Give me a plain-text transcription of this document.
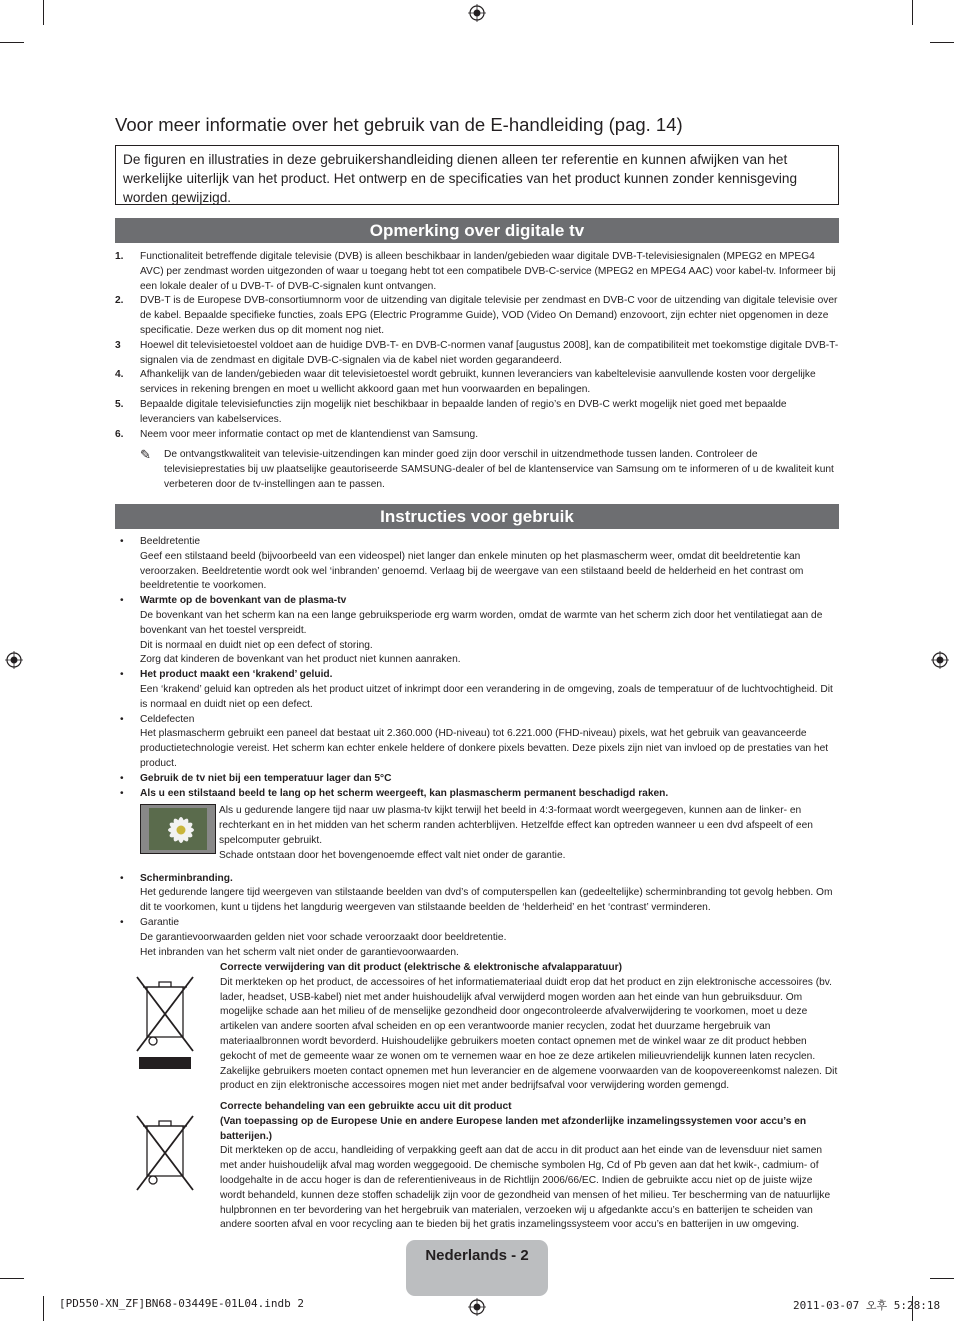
Voor meer informatie over het gebruik van de E-handleiding (pag. 14)
De figuren en illustraties in deze gebruikershandleiding dienen alleen ter referentie en kunnen afwijken van het werkelijke uiterlijk van het product. Het ontwerp en de specificaties van het product kunnen zonder kennisgeving worden gewijzigd.
Opmerking over digitale tv
1. Functionaliteit betreffende digitale televisie (DVB) is alleen beschikbaar in landen/gebieden waar digitale DVB-T-televisiesignalen (MPEG2 en MPEG4 AVC) per zendmast worden uitgezonden of waar u toegang hebt tot een compatibele DVB-C-service (MPEG2 en MPEG4 AAC) voor kabel-tv. Informeer bij een lokale dealer of u DVB-T- of DVB-C-signalen kunt ontvangen.
2. DVB-T is de Europese DVB-consortiumnorm voor de uitzending van digitale televisie per zendmast en DVB-C voor de uitzending van digitale televisie over de kabel. Bepaalde specifieke functies, zoals EPG (Electric Programme Guide), VOD (Video On Demand) enzovoort, zijn echter niet opgenomen in deze specificatie. Deze werken dus op dit moment nog niet.
3 Hoewel dit televisietoestel voldoet aan de huidige DVB-T- en DVB-C-normen vanaf [augustus 2008], kan de compatibiliteit met toekomstige digitale DVB-T-signalen via de zendmast en digitale DVB-C-signalen via de kabel niet worden gegarandeerd.
4. Afhankelijk van de landen/gebieden waar dit televisietoestel wordt gebruikt, kunnen leveranciers van kabeltelevisie aanvullende kosten voor dergelijke services in rekening brengen en moet u wellicht akkoord gaan met hun voorwaarden en bepalingen.
5. Bepaalde digitale televisiefuncties zijn mogelijk niet beschikbaar in bepaalde landen of regio’s en DVB-C werkt mogelijk niet goed met bepaalde leveranciers van kabelservices.
6. Neem voor meer informatie contact op met de klantendienst van Samsung.
✎ De ontvangstkwaliteit van televisie-uitzendingen kan minder goed zijn door verschil in uitzendmethode tussen landen. Controleer de televisieprestaties bij uw plaatselijke geautoriseerde SAMSUNG-dealer of bel de klantenservice van Samsung om te informeren of u de kwaliteit kunt verbeteren door de tv-instellingen aan te passen.
Instructies voor gebruik
• Beeldretentie
Geef een stilstaand beeld (bijvoorbeeld van een videospel) niet langer dan enkele minuten op het plasmascherm weer, omdat dit beeldretentie kan veroorzaken. Beeldretentie wordt ook wel ‘inbranden’ genoemd. Verlaag bij de weergave van een stilstaand beeld de helderheid en het contrast om beeldretentie te voorkomen.
• Warmte op de bovenkant van de plasma-tv
De bovenkant van het scherm kan na een lange gebruiksperiode erg warm worden, omdat de warmte van het scherm zich door het ventilatiegat aan de bovenkant van het toestel verspreidt.
Dit is normaal en duidt niet op een defect of storing.
Zorg dat kinderen de bovenkant van het product niet kunnen aanraken.
• Het product maakt een ‘krakend’ geluid.
Een ‘krakend’ geluid kan optreden als het product uitzet of inkrimpt door een verandering in de omgeving, zoals de temperatuur of de luchtvochtigheid. Dit is normaal en duidt niet op een defect.
• Celdefecten
Het plasmascherm gebruikt een paneel dat bestaat uit 2.360.000 (HD-niveau) tot 6.221.000 (FHD-niveau) pixels, wat het gebruik van geavanceerde productietechnologie vereist. Het scherm kan echter enkele heldere of donkere pixels bevatten. Deze pixels zijn niet van invloed op de prestaties van het product.
• Gebruik de tv niet bij een temperatuur lager dan 5°C
• Als u een stilstaand beeld te lang op het scherm weergeeft, kan plasmascherm permanent beschadigd raken.
Als u gedurende langere tijd naar uw plasma-tv kijkt terwijl het beeld in 4:3-formaat wordt weergegeven, kunnen aan de linker- en rechterkant en in het midden van het scherm randen achterblijven. Hetzelfde effect kan optreden wanneer u een dvd afspeelt of een spelcomputer gebruikt.
Schade ontstaan door het bovengenoemde effect valt niet onder de garantie.
• Scherminbranding.
Het gedurende langere tijd weergeven van stilstaande beelden van dvd’s of computerspellen kan (gedeeltelijke) scherminbranding tot gevolg hebben. Om dit te voorkomen, kunt u tijdens het langdurig weergeven van stilstaande beelden de ‘helderheid’ en het ‘contrast’ verminderen.
• Garantie
De garantievoorwaarden gelden niet voor schade veroorzaakt door beeldretentie.
Het inbranden van het scherm valt niet onder de garantievoorwaarden.
Correcte verwijdering van dit product (elektrische & elektronische afvalapparatuur)
Dit merkteken op het product, de accessoires of het informatiemateriaal duidt erop dat het product en zijn elektronische accessoires (bv. lader, headset, USB-kabel) niet met ander huishoudelijk afval verwijderd mogen worden aan het einde van hun gebruiksduur. Om mogelijke schade aan het milieu of de menselijke gezondheid door ongecontroleerde afvalverwijdering te voorkomen, moet u deze artikelen van andere soorten afval scheiden en op een verantwoorde manier recyclen, zodat het duurzame hergebruik van materiaalbronnen wordt bevorderd. Huishoudelijke gebruikers moeten contact opnemen met de winkel waar ze dit product hebben gekocht of met de gemeente waar ze wonen om te vernemen waar en hoe ze deze artikelen milieuvriendelijk kunnen laten recyclen. Zakelijke gebruikers moeten contact opnemen met hun leverancier en de algemene voorwaarden van de koopovereenkomst nalezen. Dit product en zijn elektronische accessoires mogen niet met ander bedrijfsafval voor verwijdering worden gemengd.
Correcte behandeling van een gebruikte accu uit dit product
(Van toepassing op de Europese Unie en andere Europese landen met afzonderlijke inzamelingssystemen voor accu’s en batterijen.)
Dit merkteken op de accu, handleiding of verpakking geeft aan dat de accu in dit product aan het einde van de levensduur niet samen met ander huishoudelijk afval mag worden weggegooid. De chemische symbolen Hg, Cd of Pb geven aan dat het kwik-, cadmium- of loodgehalte in de accu hoger is dan de referentieniveaus in de Richtlijn 2006/66/EC. Indien de gebruikte accu niet op de juiste wijze wordt behandeld, kunnen deze stoffen schadelijk zijn voor de gezondheid van mensen of het milieu. Ter bescherming van de natuurlijke hulpbronnen en ter bevordering van het hergebruik van materialen, verzoeken wij u afgedankte accu’s en batterijen te scheiden van andere soorten afval en voor recycling aan te bieden bij het gratis inzamelingssysteem voor accu’s en batterijen in uw omgeving.
Nederlands - 2
[PD550-XN_ZF]BN68-03449E-01L04.indb 2	2011-03-07 오후 5:28:18
